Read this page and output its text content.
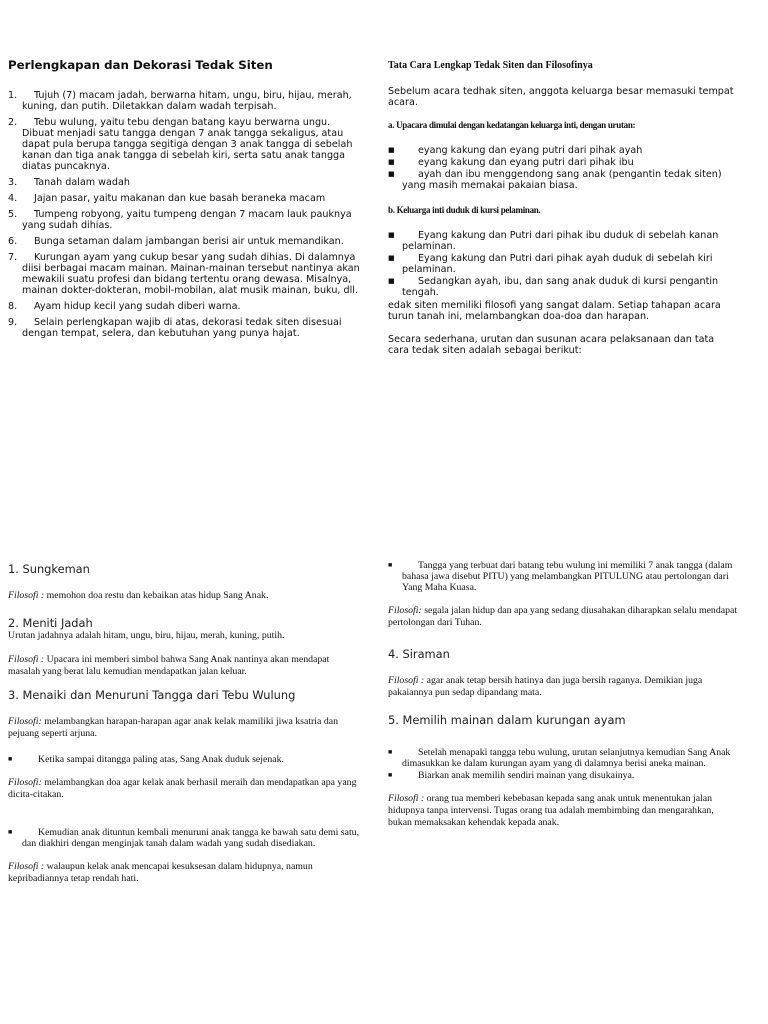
Perlengkapan dan Dekorasi Tedak Siten
1.	Tujuh (7) macam jadah, berwarna hitam, ungu, biru, hijau, merah, kuning, dan putih. Diletakkan dalam wadah terpisah.
2.	Tebu wulung, yaitu tebu dengan batang kayu berwarna ungu. Dibuat menjadi satu tangga dengan 7 anak tangga sekaligus, atau dapat pula berupa tangga segitiga dengan 3 anak tangga di sebelah kanan dan tiga anak tangga di sebelah kiri, serta satu anak tangga diatas puncaknya.
3.	Tanah dalam wadah
4.	Jajan pasar, yaitu makanan dan kue basah beraneka macam
5.	Tumpeng robyong, yaitu tumpeng dengan 7 macam lauk pauknya yang sudah dihias.
6.	Bunga setaman dalam jambangan berisi air untuk memandikan.
7.	Kurungan ayam yang cukup besar yang sudah dihias. Di dalamnya diisi berbagai macam mainan. Mainan-mainan tersebut nantinya akan mewakili suatu profesi dan bidang tertentu orang dewasa. Misalnya, mainan dokter-dokteran, mobil-mobilan, alat musik mainan, buku, dll.
8.	Ayam hidup kecil yang sudah diberi warna.
9.	Selain perlengkapan wajib di atas, dekorasi tedak siten disesuai dengan tempat, selera, dan kebutuhan yang punya hajat.
Tata Cara Lengkap Tedak Siten dan Filosofinya

Sebelum acara tedhak siten, anggota keluarga besar memasuki tempat acara.

a. Upacara dimulai dengan kedatangan keluarga inti, dengan urutan:
■	eyang kakung dan eyang putri dari pihak ayah
■	eyang kakung dan eyang putri dari pihak ibu
■	ayah dan ibu menggendong sang anak (pengantin tedak siten) yang masih memakai pakaian biasa.
b. Keluarga inti duduk di kursi pelaminan.
■	Eyang kakung dan Putri dari pihak ibu duduk di sebelah kanan pelaminan.
■	Eyang kakung dan Putri dari pihak ayah duduk di sebelah kiri pelaminan.
■	Sedangkan ayah, ibu, dan sang anak duduk di kursi pengantin tengah.

edak siten memiliki filosofi yang sangat dalam. Setiap tahapan acara turun tanah ini, melambangkan doa-doa dan harapan.

Secara sederhana, urutan dan susunan acara pelaksanaan dan tata cara tedak siten adalah sebagai berikut:

1. Sungkeman
Filosofi : memohon doa restu dan kebaikan atas hidup Sang Anak.
2. Meniti Jadah
Urutan jadahnya adalah hitam, ungu, biru, hijau, merah, kuning, putih.
Filosofi : Upacara ini memberi simbol bahwa Sang Anak nantinya akan mendapat masalah yang berat lalu kemudian mendapatkan jalan keluar.
3. Menaiki dan Menuruni Tangga dari Tebu Wulung
Filosofi: melambangkan harapan-harapan agar anak kelak mamiliki jiwa ksatria dan pejuang seperti arjuna.
■	Ketika sampai ditangga paling atas, Sang Anak duduk sejenak.
Filosofi: melambangkan doa agar kelak anak berhasil meraih dan mendapatkan apa yang dicita-citakan.
■	Kemudian anak dituntun kembali menuruni anak tangga ke bawah satu demi satu, dan diakhiri dengan menginjak tanah dalam wadah yang sudah disediakan.
Filosofi : walaupun kelak anak mencapai kesuksesan dalam hidupnya, namun kepribadiannya tetap rendah hati.
■	Tangga yang terbuat dari batang tebu wulung ini memiliki 7 anak tangga (dalam bahasa jawa disebut PITU) yang melambangkan PITULUNG atau pertolongan dari Yang Maha Kuasa.
Filosofi: segala jalan hidup dan apa yang sedang diusahakan diharapkan selalu mendapat pertolongan dari Tuhan.
4. Siraman
Filosofi : agar anak tetap bersih hatinya dan juga bersih raganya. Demikian juga pakaiannya pun sedap dipandang mata.
5. Memilih mainan dalam kurungan ayam
■	Setelah menapaki tangga tebu wulung, urutan selanjutnya kemudian Sang Anak dimasukkan ke dalam kurungan ayam yang di dalamnya berisi aneka mainan.
■	Biarkan anak memilih sendiri mainan yang disukainya.
Filosofi : orang tua memberi kebebasan kepada sang anak untuk menentukan jalan hidupnya tanpa intervensi. Tugas orang tua adalah membimbing dan mengarahkan, bukan memaksakan kehendak kepada anak.
